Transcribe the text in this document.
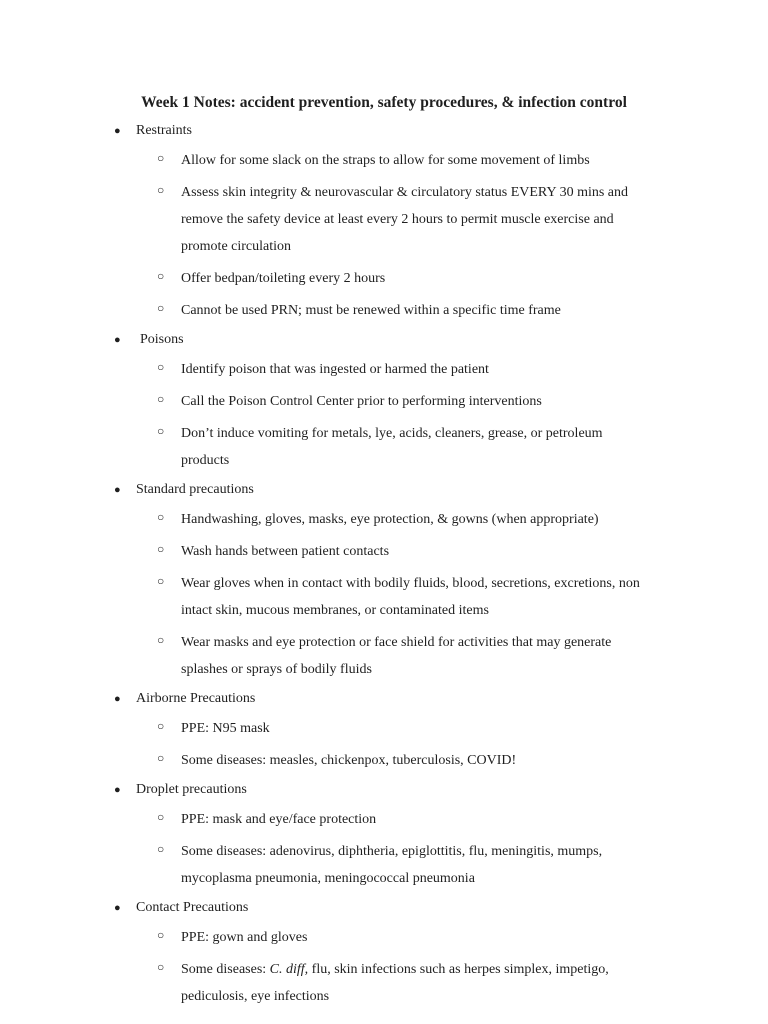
Week 1 Notes: accident prevention, safety procedures, & infection control
● Restraints
○ Allow for some slack on the straps to allow for some movement of limbs
○ Assess skin integrity & neurovascular & circulatory status EVERY 30 mins and
remove the safety device at least every 2 hours to permit muscle exercise and
promote circulation
○ Offer bedpan/toileting every 2 hours
○ Cannot be used PRN; must be renewed within a specific time frame
● Poisons
○ Identify poison that was ingested or harmed the patient
○ Call the Poison Control Center prior to performing interventions
○ Don’t induce vomiting for metals, lye, acids, cleaners, grease, or petroleum
products
● Standard precautions
○ Handwashing, gloves, masks, eye protection, & gowns (when appropriate)
○ Wash hands between patient contacts
○ Wear gloves when in contact with bodily fluids, blood, secretions, excretions, non
intact skin, mucous membranes, or contaminated items
○ Wear masks and eye protection or face shield for activities that may generate
splashes or sprays of bodily fluids
● Airborne Precautions
○ PPE: N95 mask
○ Some diseases: measles, chickenpox, tuberculosis, COVID!
● Droplet precautions
○ PPE: mask and eye/face protection
○ Some diseases: adenovirus, diphtheria, epiglottitis, flu, meningitis, mumps,
mycoplasma pneumonia, meningococcal pneumonia
● Contact Precautions
○ PPE: gown and gloves
○ Some diseases: C. diff, flu, skin infections such as herpes simplex, impetigo,
pediculosis, eye infections
